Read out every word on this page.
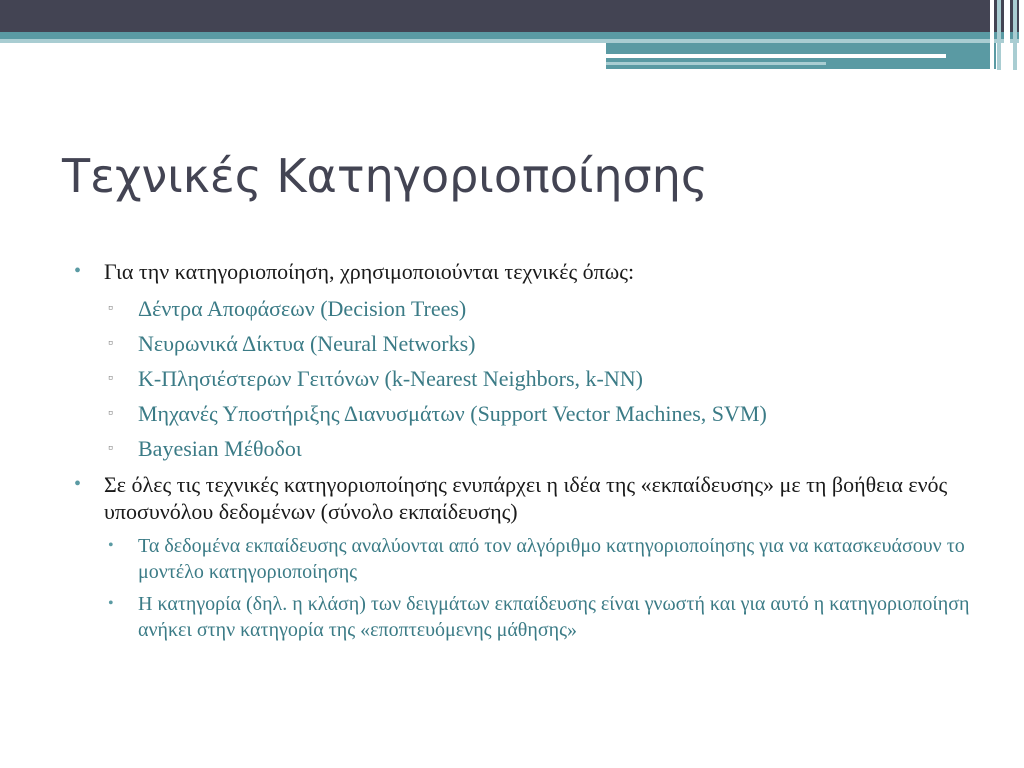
Τεχνικές Κατηγοριοποίησης
• Για την κατηγοριοποίηση, χρησιμοποιούνται τεχνικές όπως:
▫ Δέντρα Αποφάσεων (Decision Trees)
▫ Νευρωνικά Δίκτυα (Neural Networks)
▫ Κ-Πλησιέστερων Γειτόνων (k-Nearest Neighbors, k-NN)
▫ Μηχανές Υποστήριξης Διανυσμάτων (Support Vector Machines, SVM)
▫ Bayesian Μέθοδοι
• Σε όλες τις τεχνικές κατηγοριοποίησης ενυπάρχει η ιδέα της «εκπαίδευσης» με τη βοήθεια ενός υποσυνόλου δεδομένων (σύνολο εκπαίδευσης)
• Τα δεδομένα εκπαίδευσης αναλύονται από τον αλγόριθμο κατηγοριοποίησης για να κατασκευάσουν το μοντέλο κατηγοριοποίησης
• Η κατηγορία (δηλ. η κλάση) των δειγμάτων εκπαίδευσης είναι γνωστή και για αυτό η κατηγοριοποίηση ανήκει στην κατηγορία της «εποπτευόμενης μάθησης»
